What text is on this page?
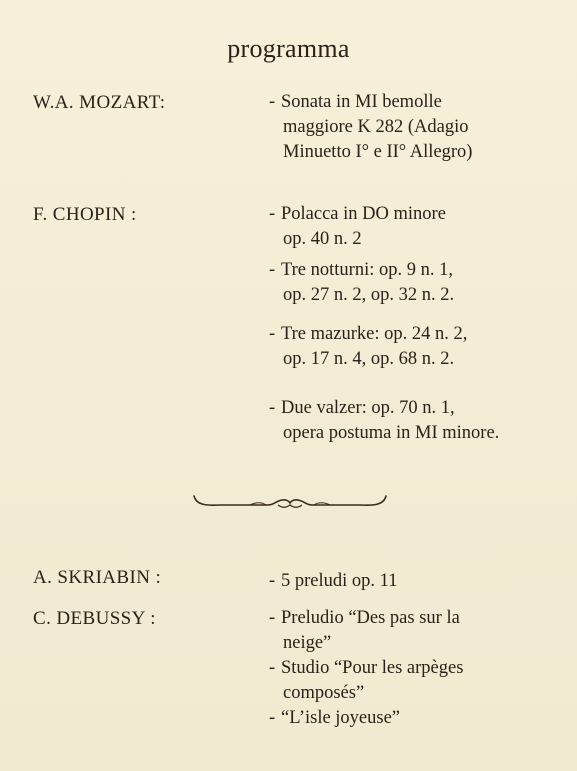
programma
W.A. MOZART:	- Sonata in MI bemolle
maggiore K 282 (Adagio
Minuetto I° e II° Allegro)
F. CHOPIN :	- Polacca in DO minore
op. 40 n. 2
- Tre notturni: op. 9 n. 1,
op. 27 n. 2, op. 32 n. 2.
- Tre mazurke: op. 24 n. 2,
op. 17 n. 4, op. 68 n. 2.
- Due valzer: op. 70 n. 1,
opera postuma in MI minore.
A. SKRIABIN :	- 5 preludi op. 11
C. DEBUSSY :	- Preludio “Des pas sur la
neige”
- Studio “Pour les arpèges
composés”
- “L’isle joyeuse”
